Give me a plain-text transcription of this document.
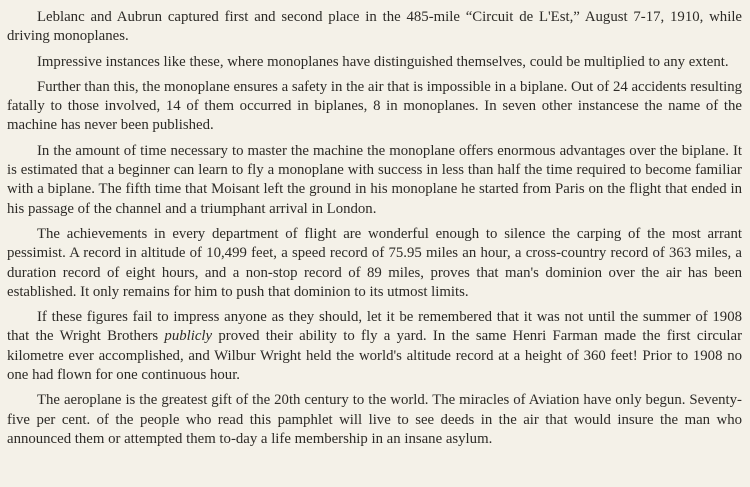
Leblanc and Aubrun captured first and second place in the 485-mile “Circuit de L'Est,” August 7-17, 1910, while driving monoplanes.

Impressive instances like these, where monoplanes have distinguished themselves, could be multiplied to any extent.

Further than this, the monoplane ensures a safety in the air that is impossible in a biplane. Out of 24 accidents resulting fatally to those involved, 14 of them occurred in biplanes, 8 in monoplanes. In seven other instancese the name of the machine has never been published.

In the amount of time necessary to master the machine the monoplane offers enormous advantages over the biplane. It is estimated that a beginner can learn to fly a monoplane with success in less than half the time required to become familiar with a biplane. The fifth time that Moisant left the ground in his monoplane he started from Paris on the flight that ended in his passage of the channel and a triumphant arrival in London.

The achievements in every department of flight are wonderful enough to silence the carping of the most arrant pessimist. A record in altitude of 10,499 feet, a speed record of 75.95 miles an hour, a cross-country record of 363 miles, a duration record of eight hours, and a non-stop record of 89 miles, proves that man's dominion over the air has been established. It only remains for him to push that dominion to its utmost limits.

If these figures fail to impress anyone as they should, let it be remembered that it was not until the summer of 1908 that the Wright Brothers publicly proved their ability to fly a yard. In the same Henri Farman made the first circular kilometre ever accomplished, and Wilbur Wright held the world's altitude record at a height of 360 feet! Prior to 1908 no one had flown for one continuous hour.

The aeroplane is the greatest gift of the 20th century to the world. The miracles of Aviation have only begun. Seventy-five per cent. of the people who read this pamphlet will live to see deeds in the air that would insure the man who announced them or attempted them to-day a life membership in an insane asylum.
